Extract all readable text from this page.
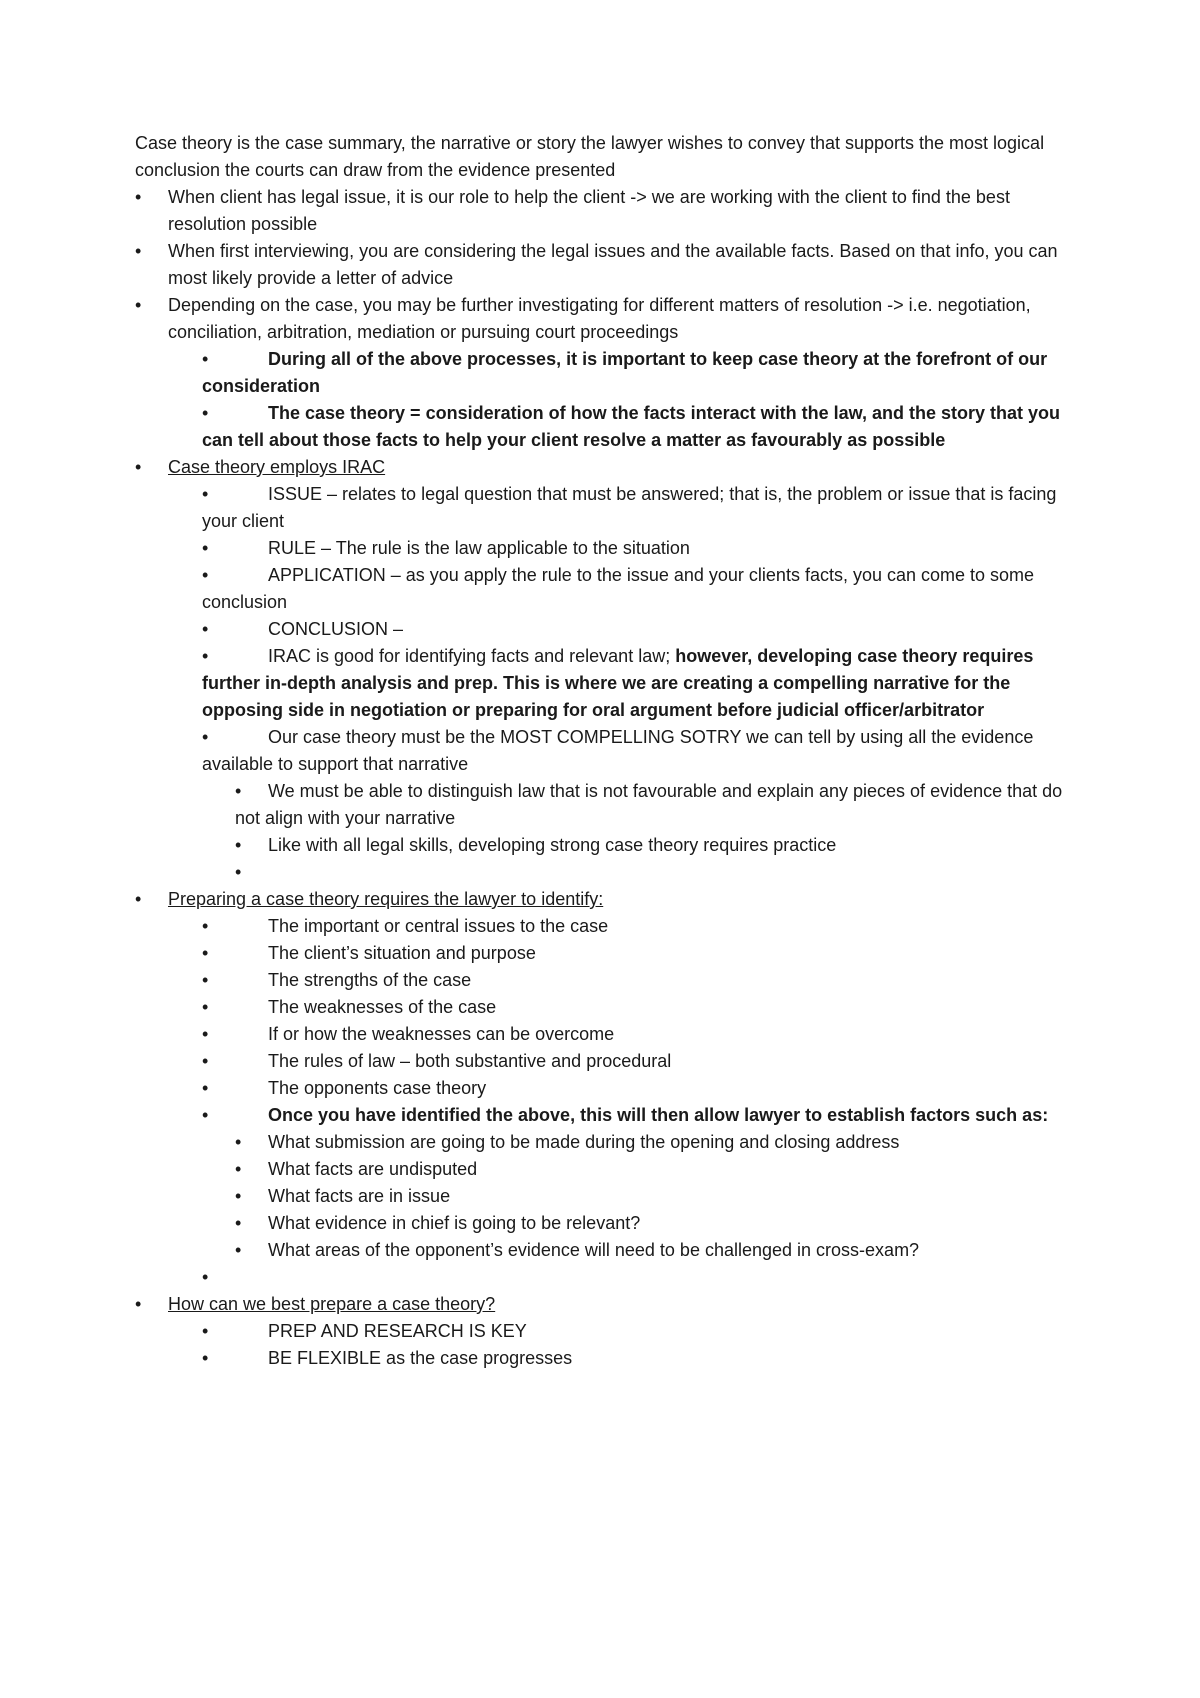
Case theory is the case summary, the narrative or story the lawyer wishes to convey that supports the most logical conclusion the courts can draw from the evidence presented

• When client has legal issue, it is our role to help the client -> we are working with the client to find the best resolution possible
• When first interviewing, you are considering the legal issues and the available facts. Based on that info, you can most likely provide a letter of advice
• Depending on the case, you may be further investigating for different matters of resolution -> i.e. negotiation, conciliation, arbitration, mediation or pursuing court proceedings
•	During all of the above processes, it is important to keep case theory at the forefront of our consideration
•	The case theory = consideration of how the facts interact with the law, and the story that you can tell about those facts to help your client resolve a matter as favourably as possible
• Case theory employs IRAC
•	ISSUE – relates to legal question that must be answered; that is, the problem or issue that is facing your client
•	RULE – The rule is the law applicable to the situation
•	APPLICATION – as you apply the rule to the issue and your clients facts, you can come to some conclusion
•	CONCLUSION –
•	IRAC is good for identifying facts and relevant law; however, developing case theory requires further in-depth analysis and prep. This is where we are creating a compelling narrative for the opposing side in negotiation or preparing for oral argument before judicial officer/arbitrator
•	Our case theory must be the MOST COMPELLING SOTRY we can tell by using all the evidence available to support that narrative
• We must be able to distinguish law that is not favourable and explain any pieces of evidence that do not align with your narrative
• Like with all legal skills, developing strong case theory requires practice
•
• Preparing a case theory requires the lawyer to identify:
•	The important or central issues to the case
•	The client’s situation and purpose
•	The strengths of the case
•	The weaknesses of the case
•	If or how the weaknesses can be overcome
•	The rules of law – both substantive and procedural
•	The opponents case theory
•	Once you have identified the above, this will then allow lawyer to establish factors such as:
• What submission are going to be made during the opening and closing address
• What facts are undisputed
• What facts are in issue
• What evidence in chief is going to be relevant?
• What areas of the opponent’s evidence will need to be challenged in cross-exam?
•
• How can we best prepare a case theory?
•	PREP AND RESEARCH IS KEY
•	BE FLEXIBLE as the case progresses
